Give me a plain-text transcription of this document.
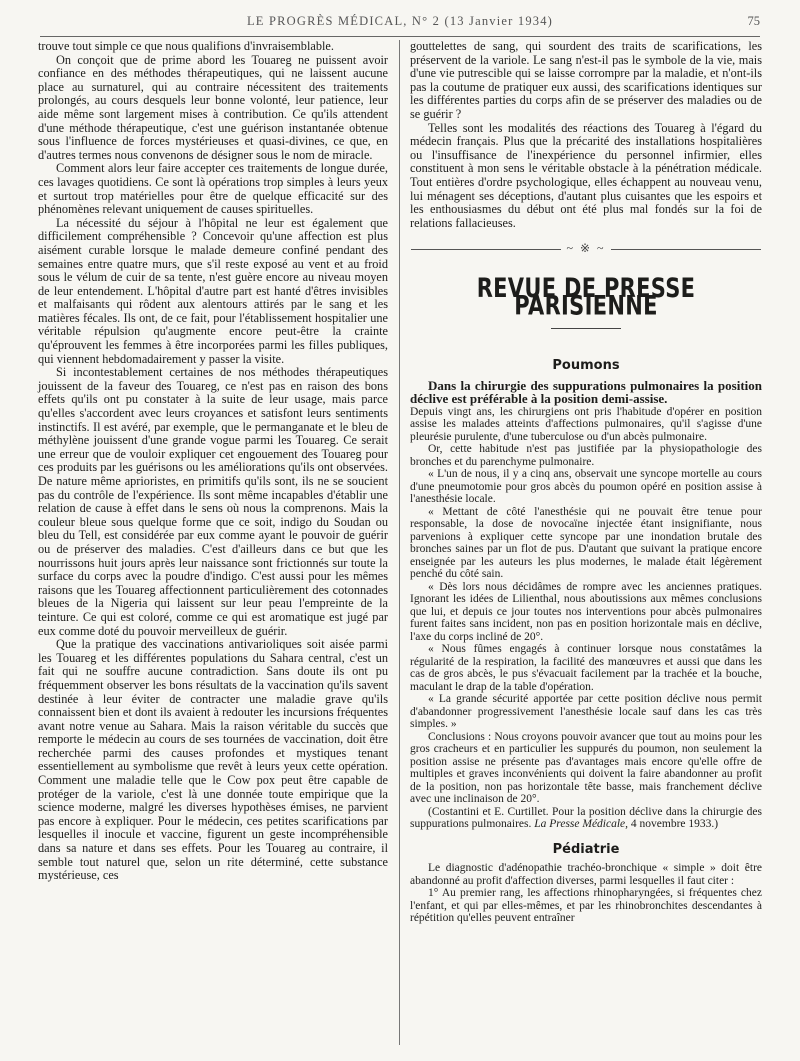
LE PROGRÈS MÉDICAL, N° 2 (13 Janvier 1934)	75

trouve tout simple ce que nous qualifions d'invraisemblable.

On conçoit que de prime abord les Touareg ne puissent avoir confiance en des méthodes thérapeutiques, qui ne laissent aucune place au surnaturel, qui au contraire nécessitent des traitements prolongés, au cours desquels leur bonne volonté, leur patience, leur aide même sont largement mises à contribution. Ce qu'ils attendent d'une méthode thérapeutique, c'est une guérison instantanée obtenue sous l'influence de forces mystérieuses et quasi-divines, ce que, en d'autres termes nous convenons de désigner sous le nom de miracle.

Comment alors leur faire accepter ces traitements de longue durée, ces lavages quotidiens. Ce sont là opérations trop simples à leurs yeux et surtout trop matérielles pour être de quelque efficacité sur des phénomènes relevant uniquement de causes spirituelles.

La nécessité du séjour à l'hôpital ne leur est également que difficilement compréhensible ? Concevoir qu'une affection est plus aisément curable lorsque le malade demeure confiné pendant des semaines entre quatre murs, que s'il reste exposé au vent et au froid sous le vélum de cuir de sa tente, n'est guère encore au niveau moyen de leur entendement. L'hôpital d'autre part est hanté d'êtres invisibles et malfaisants qui rôdent aux alentours attirés par le sang et les matières fécales. Ils ont, de ce fait, pour l'établissement hospitalier une véritable répulsion qu'augmente encore peut-être la crainte qu'éprouvent les femmes à être incorporées parmi les filles publiques, qui viennent hebdomadairement y passer la visite.

Si incontestablement certaines de nos méthodes thérapeutiques jouissent de la faveur des Touareg, ce n'est pas en raison des bons effets qu'ils ont pu constater à la suite de leur usage, mais parce qu'elles s'accordent avec leurs croyances et satisfont leurs sentiments instinctifs. Il est avéré, par exemple, que le permanganate et le bleu de méthylène jouissent d'une grande vogue parmi les Touareg. Ce serait une erreur que de vouloir expliquer cet engouement des Touareg pour ces produits par les guérisons ou les améliorations qu'ils ont observées. De nature même aprioristes, en primitifs qu'ils sont, ils ne se soucient pas du contrôle de l'expérience. Ils sont même incapables d'établir une relation de cause à effet dans le sens où nous la comprenons. Mais la couleur bleue sous quelque forme que ce soit, indigo du Soudan ou bleu du Tell, est considérée par eux comme ayant le pouvoir de guérir ou de préserver des maladies. C'est d'ailleurs dans ce but que les nourrissons huit jours après leur naissance sont frictionnés sur toute la surface du corps avec la poudre d'indigo. C'est aussi pour les mêmes raisons que les Touareg affectionnent particulièrement des cotonnades bleues de la Nigeria qui laissent sur leur peau l'empreinte de la teinture. Ce qui est coloré, comme ce qui est aromatique est jugé par eux comme doté du pouvoir merveilleux de guérir.

Que la pratique des vaccinations antivarioliques soit aisée parmi les Touareg et les différentes populations du Sahara central, c'est un fait qui ne souffre aucune contradiction. Sans doute ils ont pu fréquemment observer les bons résultats de la vaccination qu'ils savent destinée à leur éviter de contracter une maladie grave qu'ils connaissent bien et dont ils avaient à redouter les incursions fréquentes avant notre venue au Sahara. Mais la raison véritable du succès que remporte le médecin au cours de ses tournées de vaccination, doit être recherchée parmi des causes profondes et mystiques tenant essentiellement au symbolisme que revêt à leurs yeux cette opération. Comment une maladie telle que le Cow pox peut être capable de protéger de la variole, c'est là une donnée toute empirique que la science moderne, malgré les diverses hypothèses émises, ne parvient pas encore à expliquer. Pour le médecin, ces petites scarifications par lesquelles il inocule et vaccine, figurent un geste incompréhensible dans sa nature et dans ses effets. Pour les Touareg au contraire, il semble tout naturel que, selon un rite déterminé, cette substance mystérieuse, ces

gouttelettes de sang, qui sourdent des traits de scarifications, les préservent de la variole. Le sang n'est-il pas le symbole de la vie, mais d'une vie putrescible qui se laisse corrompre par la maladie, et n'ont-ils pas la coutume de pratiquer eux aussi, des scarifications identiques sur les différentes parties du corps afin de se préserver des maladies ou de se guérir ?

Telles sont les modalités des réactions des Touareg à l'égard du médecin français. Plus que la précarité des installations hospitalières ou l'insuffisance de l'inexpérience du personnel infirmier, elles constituent à mon sens le véritable obstacle à la pénétration médicale. Tout entières d'ordre psychologique, elles échappent au nouveau venu, lui ménagent ses déceptions, d'autant plus cuisantes que les espoirs et les enthousiasmes du début ont été plus mal fondés sur la foi de relations fallacieuses.

~ ※ ~
REVUE DE PRESSE PARISIENNE
Poumons
Dans la chirurgie des suppurations pulmonaires la position déclive est préférable à la position demi-assise.

Depuis vingt ans, les chirurgiens ont pris l'habitude d'opérer en position assise les malades atteints d'affections pulmonaires, qu'il s'agisse d'une pleurésie purulente, d'une tuberculose ou d'un abcès pulmonaire.

Or, cette habitude n'est pas justifiée par la physiopathologie des bronches et du parenchyme pulmonaire.

« L'un de nous, il y a cinq ans, observait une syncope mortelle au cours d'une pneumotomie pour gros abcès du poumon opéré en position assise à l'anesthésie locale.

« Mettant de côté l'anesthésie qui ne pouvait être tenue pour responsable, la dose de novocaïne injectée étant insignifiante, nous parvenions à expliquer cette syncope par une inondation brutale des bronches saines par un flot de pus. D'autant que suivant la pratique encore enseignée par les auteurs les plus modernes, le malade était légèrement penché du côté sain.

« Dès lors nous décidâmes de rompre avec les anciennes pratiques. Ignorant les idées de Lilienthal, nous aboutissions aux mêmes conclusions que lui, et depuis ce jour toutes nos interventions pour abcès pulmonaires furent faites sans incident, non pas en position horizontale mais en déclive, l'axe du corps incliné de 20°.

« Nous fûmes engagés à continuer lorsque nous constatâmes la régularité de la respiration, la facilité des manœuvres et aussi que dans les cas de gros abcès, le pus s'évacuait facilement par la trachée et la bouche, maculant le drap de la table d'opération.

« La grande sécurité apportée par cette position déclive nous permit d'abandonner progressivement l'anesthésie locale sauf dans les cas très simples. »

Conclusions : Nous croyons pouvoir avancer que tout au moins pour les gros cracheurs et en particulier les suppurés du poumon, non seulement la position assise ne présente pas d'avantages mais encore qu'elle offre de multiples et graves inconvénients qui doivent la faire abandonner au profit de la position, non pas horizontale tête basse, mais franchement déclive avec une inclinaison de 20°.

(Costantini et E. Curtillet. Pour la position déclive dans la chirurgie des suppurations pulmonaires. La Presse Médicale, 4 novembre 1933.)

Pédiatrie

Le diagnostic d'adénopathie trachéo-bronchique « simple » doit être abandonné au profit d'affection diverses, parmi lesquelles il faut citer :

1° Au premier rang, les affections rhinopharyngées, si fréquentes chez l'enfant, et qui par elles-mêmes, et par les rhinobronchites descendantes à répétition qu'elles peuvent entraîner
